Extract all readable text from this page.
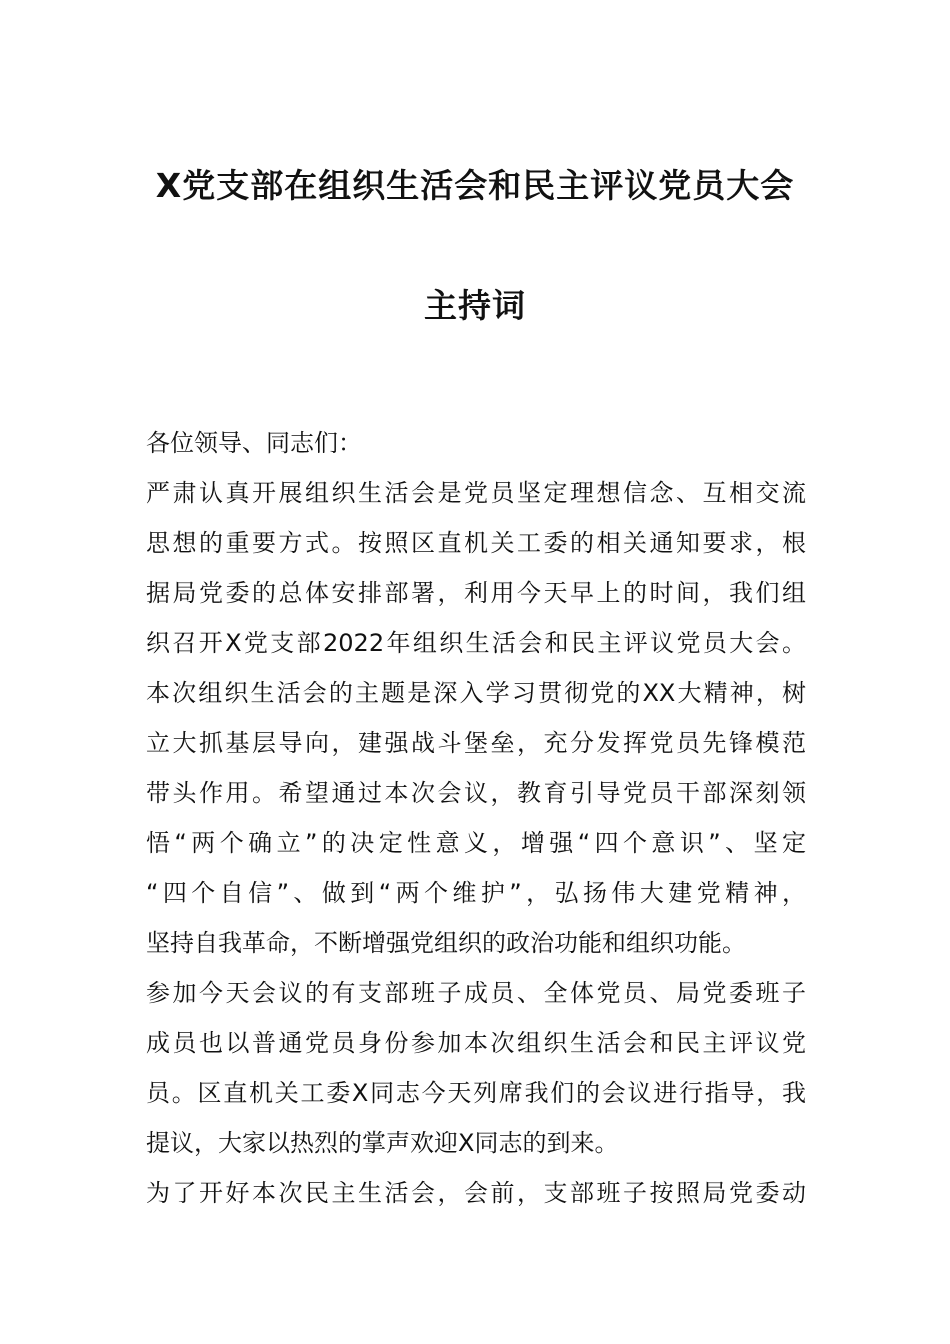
X党支部在组织生活会和民主评议党员大会
主持词
各位领导、同志们：
严肃认真开展组织生活会是党员坚定理想信念、互相交流
思想的重要方式。按照区直机关工委的相关通知要求，根
据局党委的总体安排部署，利用今天早上的时间，我们组
织召开X党支部2022年组织生活会和民主评议党员大会。
本次组织生活会的主题是深入学习贯彻党的XX大精神，树
立大抓基层导向，建强战斗堡垒，充分发挥党员先锋模范
带头作用。希望通过本次会议，教育引导党员干部深刻领
悟“两个确立”的决定性意义，增强“四个意识”、坚定
“四个自信”、做到“两个维护”，弘扬伟大建党精神，
坚持自我革命，不断增强党组织的政治功能和组织功能。
参加今天会议的有支部班子成员、全体党员、局党委班子
成员也以普通党员身份参加本次组织生活会和民主评议党
员。区直机关工委X同志今天列席我们的会议进行指导，我
提议，大家以热烈的掌声欢迎X同志的到来。
为了开好本次民主生活会，会前，支部班子按照局党委动
